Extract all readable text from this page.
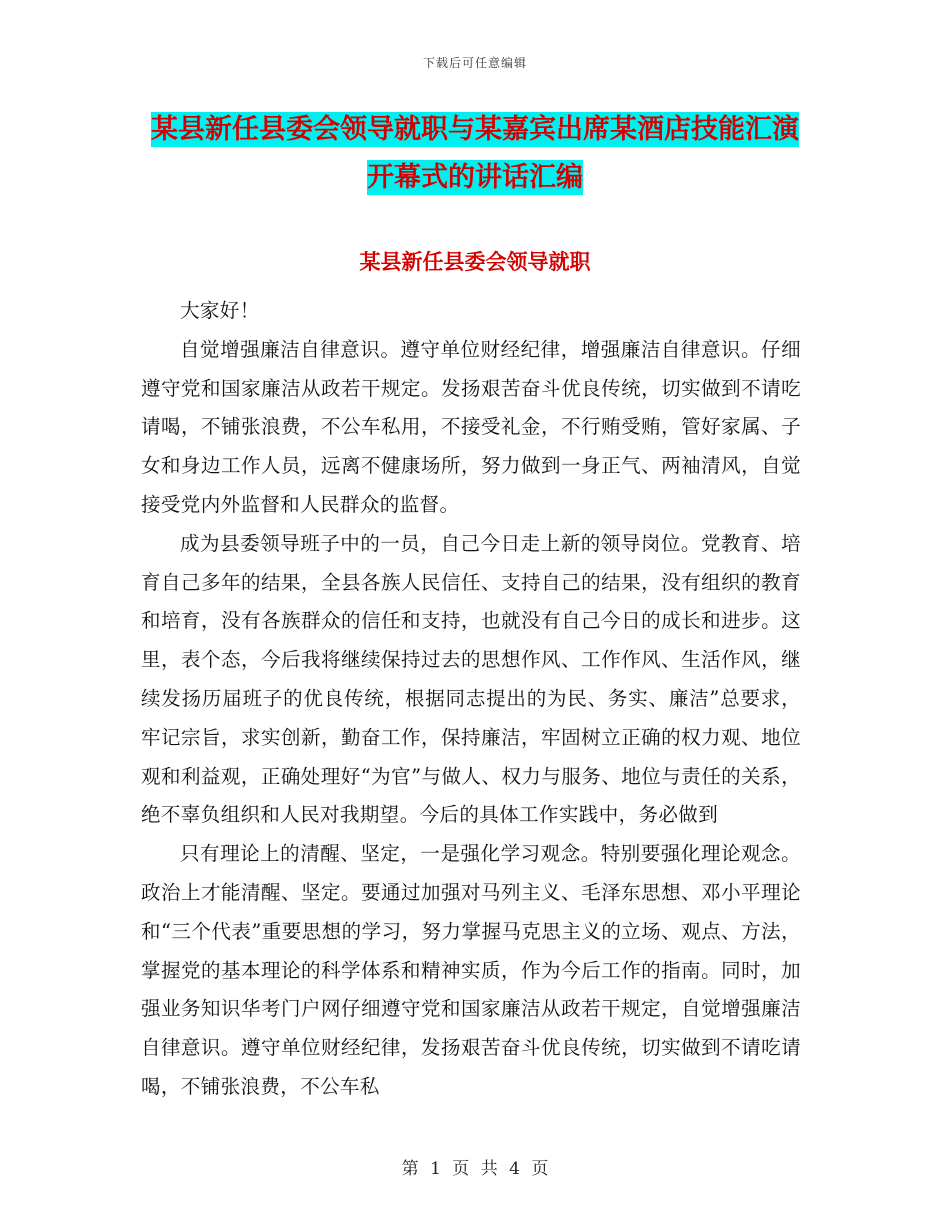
下载后可任意编辑
某县新任县委会领导就职与某嘉宾出席某酒店技能汇演开幕式的讲话汇编
某县新任县委会领导就职

大家好！

自觉增强廉洁自律意识。遵守单位财经纪律，增强廉洁自律意识。仔细遵守党和国家廉洁从政若干规定。发扬艰苦奋斗优良传统，切实做到不请吃请喝，不铺张浪费，不公车私用，不接受礼金，不行贿受贿，管好家属、子女和身边工作人员，远离不健康场所，努力做到一身正气、两袖清风，自觉接受党内外监督和人民群众的监督。

成为县委领导班子中的一员，自己今日走上新的领导岗位。党教育、培育自己多年的结果，全县各族人民信任、支持自己的结果，没有组织的教育和培育，没有各族群众的信任和支持，也就没有自己今日的成长和进步。这里，表个态，今后我将继续保持过去的思想作风、工作作风、生活作风，继续发扬历届班子的优良传统，根据同志提出的为民、务实、廉洁”总要求，牢记宗旨，求实创新，勤奋工作，保持廉洁，牢固树立正确的权力观、地位观和利益观，正确处理好“为官”与做人、权力与服务、地位与责任的关系，绝不辜负组织和人民对我期望。今后的具体工作实践中，务必做到

只有理论上的清醒、坚定，一是强化学习观念。特别要强化理论观念。政治上才能清醒、坚定。要通过加强对马列主义、毛泽东思想、邓小平理论和“三个代表”重要思想的学习，努力掌握马克思主义的立场、观点、方法，掌握党的基本理论的科学体系和精神实质，作为今后工作的指南。同时，加强业务知识华考门户网仔细遵守党和国家廉洁从政若干规定，自觉增强廉洁自律意识。遵守单位财经纪律，发扬艰苦奋斗优良传统，切实做到不请吃请喝，不铺张浪费，不公车私

第 1 页 共 4 页
